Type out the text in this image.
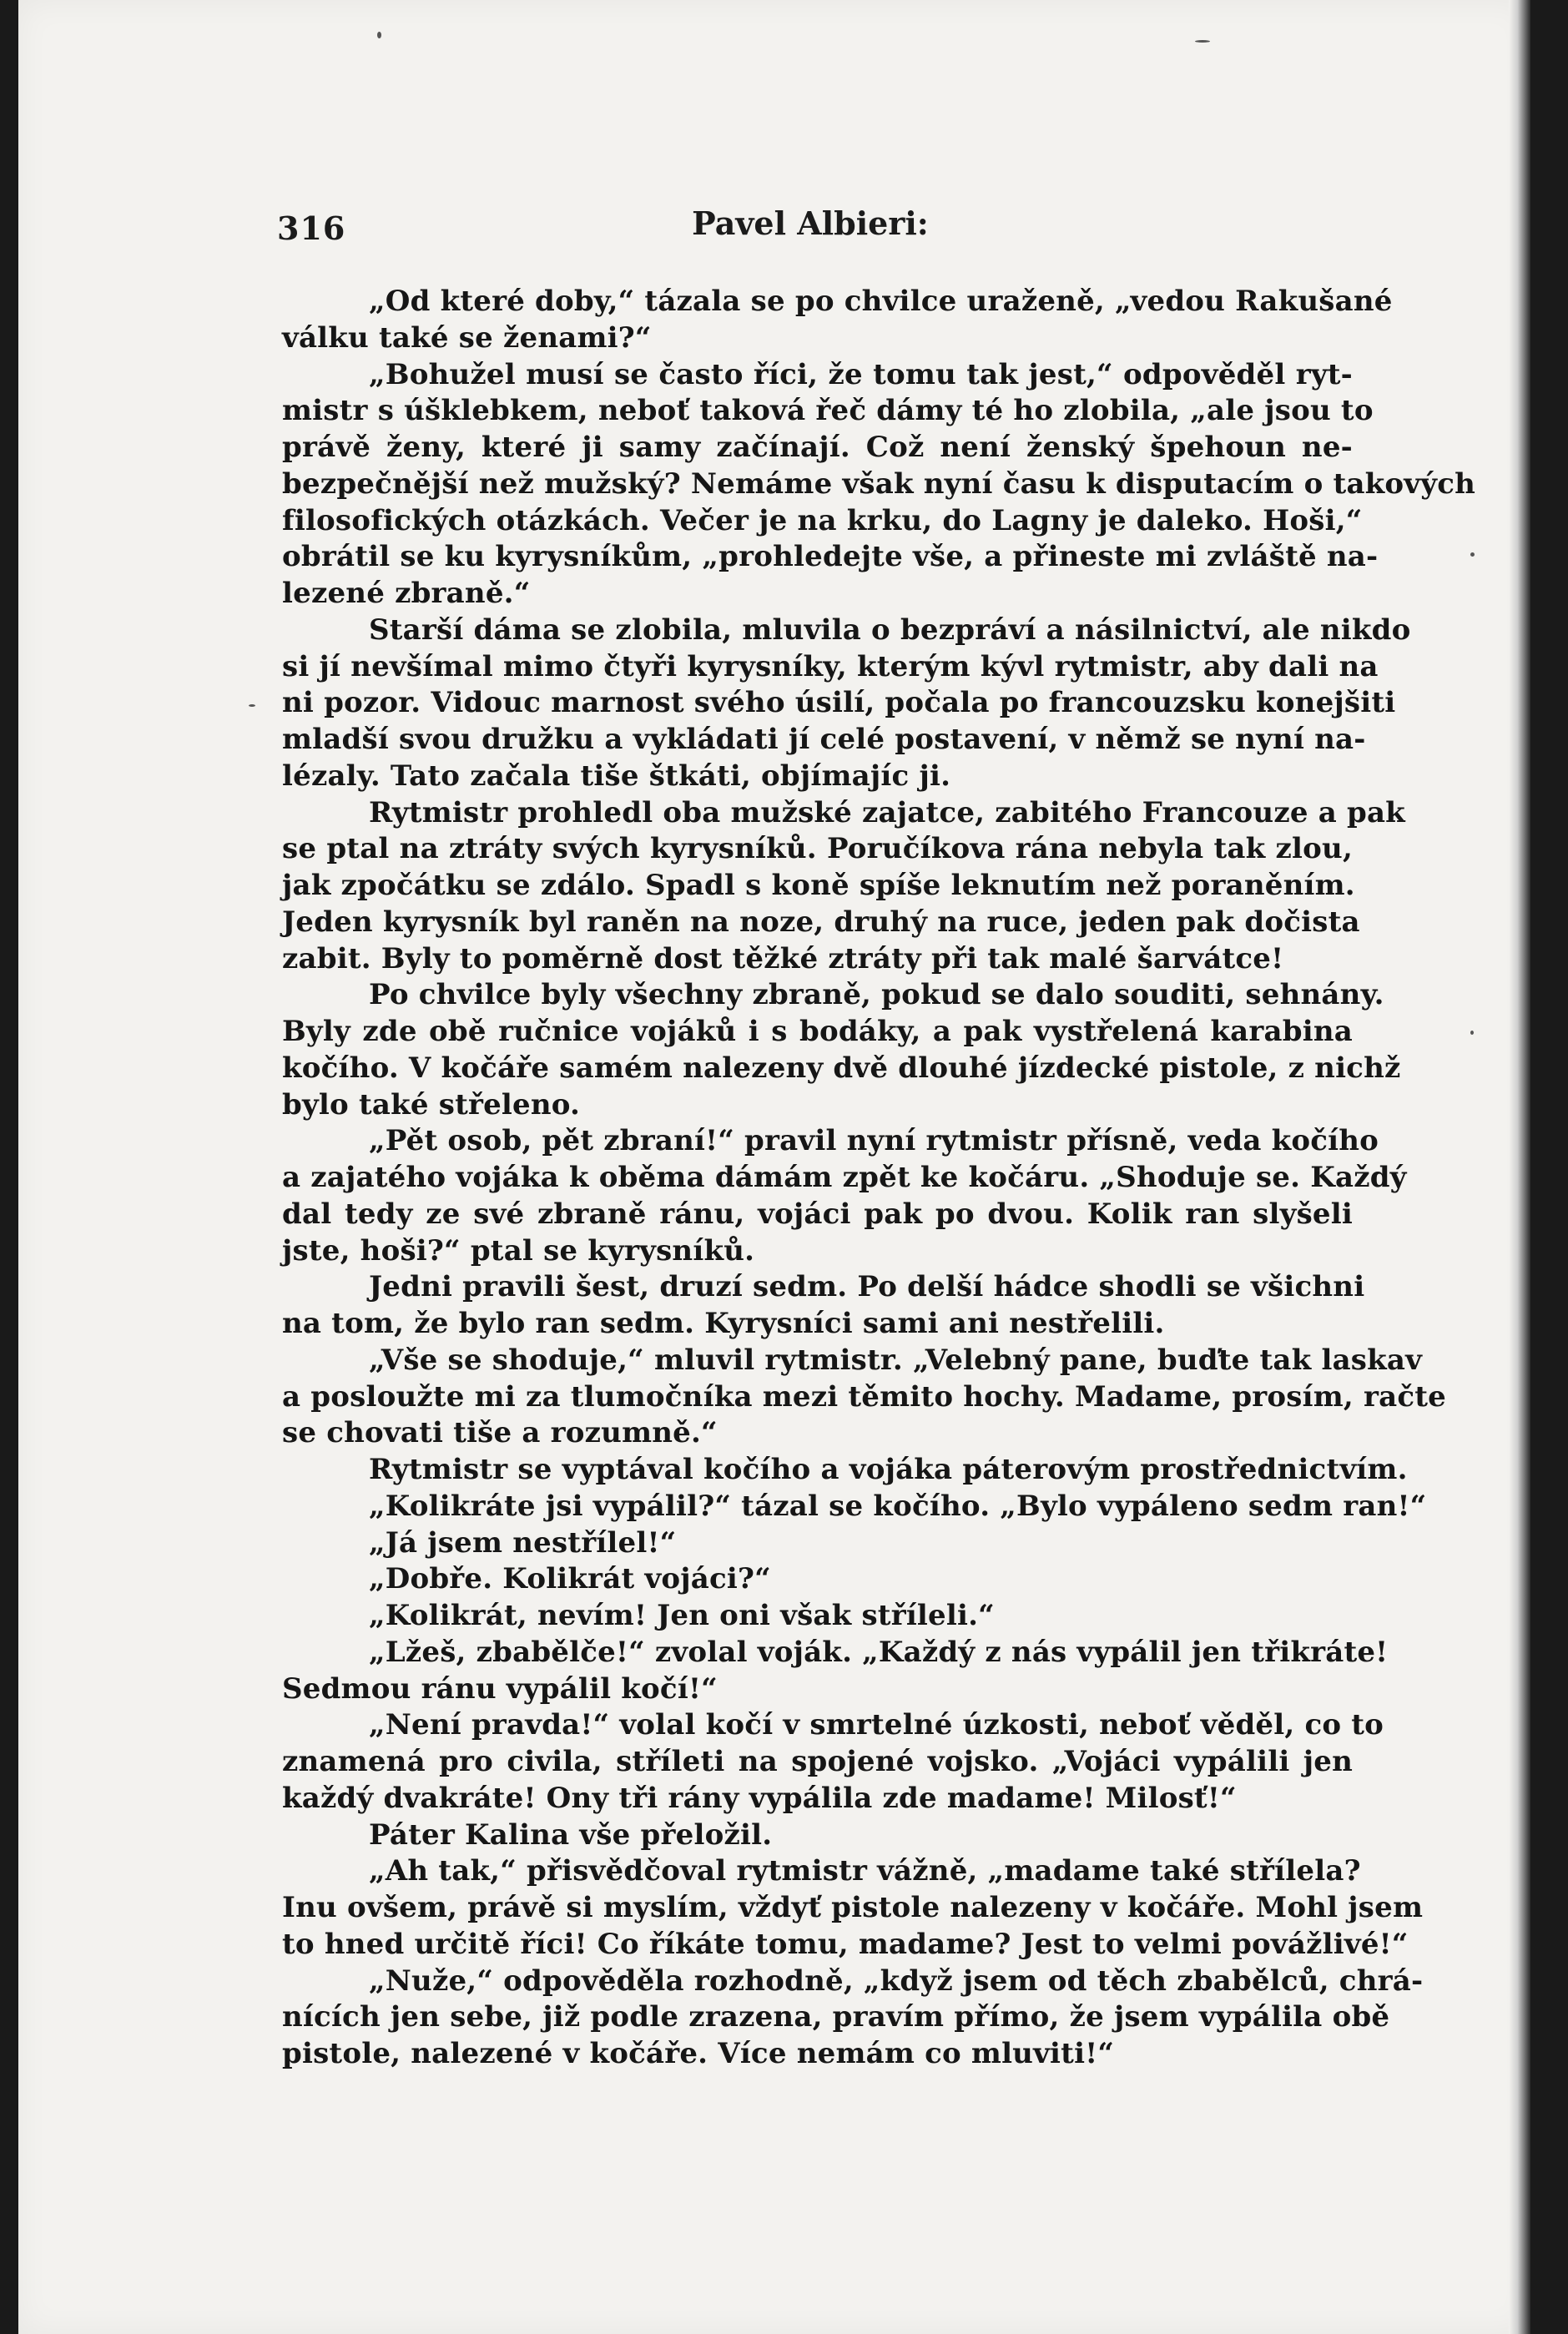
316	Pavel Albieri:
„Od které doby,“ tázala se po chvilce uraženě, „vedou Rakušané
válku také se ženami?“
„Bohužel musí se často říci, že tomu tak jest,“ odpověděl ryt-
mistr s úšklebkem, neboť taková řeč dámy té ho zlobila, „ale jsou to
právě ženy, které ji samy začínají. Což není ženský špehoun ne-
bezpečnější než mužský? Nemáme však nyní času k disputacím o takových
filosofických otázkách. Večer je na krku, do Lagny je daleko. Hoši,“
obrátil se ku kyrysníkům, „prohledejte vše, a přineste mi zvláště na-
lezené zbraně.“
Starší dáma se zlobila, mluvila o bezpráví a násilnictví, ale nikdo
si jí nevšímal mimo čtyři kyrysníky, kterým kývl rytmistr, aby dali na
ni pozor. Vidouc marnost svého úsilí, počala po francouzsku konejšiti
mladší svou družku a vykládati jí celé postavení, v němž se nyní na-
lézaly. Tato začala tiše štkáti, objímajíc ji.
Rytmistr prohledl oba mužské zajatce, zabitého Francouze a pak
se ptal na ztráty svých kyrysníků. Poručíkova rána nebyla tak zlou,
jak zpočátku se zdálo. Spadl s koně spíše leknutím než poraněním.
Jeden kyrysník byl raněn na noze, druhý na ruce, jeden pak dočista
zabit. Byly to poměrně dost těžké ztráty při tak malé šarvátce!
Po chvilce byly všechny zbraně, pokud se dalo souditi, sehnány.
Byly zde obě ručnice vojáků i s bodáky, a pak vystřelená karabina
kočího. V kočáře samém nalezeny dvě dlouhé jízdecké pistole, z nichž
bylo také střeleno.
„Pět osob, pět zbraní!“ pravil nyní rytmistr přísně, veda kočího
a zajatého vojáka k oběma dámám zpět ke kočáru. „Shoduje se. Každý
dal tedy ze své zbraně ránu, vojáci pak po dvou. Kolik ran slyšeli
jste, hoši?“ ptal se kyrysníků.
Jedni pravili šest, druzí sedm. Po delší hádce shodli se všichni
na tom, že bylo ran sedm. Kyrysníci sami ani nestřelili.
„Vše se shoduje,“ mluvil rytmistr. „Velebný pane, buďte tak laskav
a posloužte mi za tlumočníka mezi těmito hochy. Madame, prosím, račte
se chovati tiše a rozumně.“
Rytmistr se vyptával kočího a vojáka páterovým prostřednictvím.
„Kolikráte jsi vypálil?“ tázal se kočího. „Bylo vypáleno sedm ran!“
„Já jsem nestřílel!“
„Dobře. Kolikrát vojáci?“
„Kolikrát, nevím! Jen oni však stříleli.“
„Lžeš, zbabělče!“ zvolal voják. „Každý z nás vypálil jen třikráte!
Sedmou ránu vypálil kočí!“
„Není pravda!“ volal kočí v smrtelné úzkosti, neboť věděl, co to
znamená pro civila, stříleti na spojené vojsko. „Vojáci vypálili jen
každý dvakráte! Ony tři rány vypálila zde madame! Milosť!“
Páter Kalina vše přeložil.
„Ah tak,“ přisvědčoval rytmistr vážně, „madame také střílela?
Inu ovšem, právě si myslím, vždyť pistole nalezeny v kočáře. Mohl jsem
to hned určitě říci! Co říkáte tomu, madame? Jest to velmi povážlivé!“
„Nuže,“ odpověděla rozhodně, „když jsem od těch zbabělců, chrá-
nících jen sebe, již podle zrazena, pravím přímo, že jsem vypálila obě
pistole, nalezené v kočáře. Více nemám co mluviti!“
